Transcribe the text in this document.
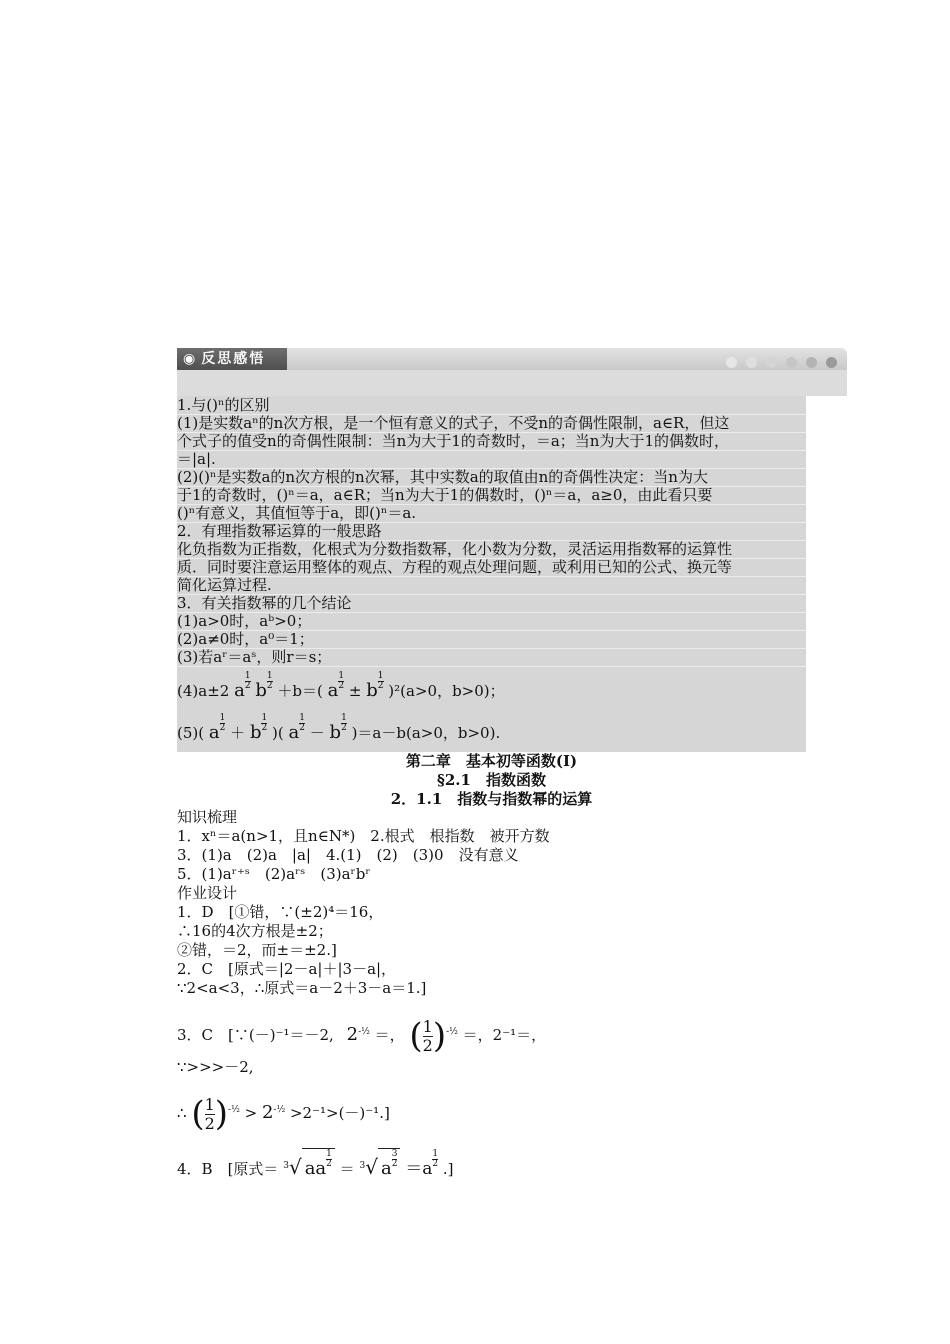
◉ 反思感悟
1.与()ⁿ的区别
(1)是实数aⁿ的n次方根，是一个恒有意义的式子，不受n的奇偶性限制，a∈R，但这
个式子的值受n的奇偶性限制：当n为大于1的奇数时，＝a；当n为大于1的偶数时，
＝|a|.
(2)()ⁿ是实数a的n次方根的n次幂，其中实数a的取值由n的奇偶性决定：当n为大
于1的奇数时，()ⁿ＝a，a∈R；当n为大于1的偶数时，()ⁿ＝a，a≥0，由此看只要
()ⁿ有意义，其值恒等于a，即()ⁿ＝a.
2．有理指数幂运算的一般思路
化负指数为正指数，化根式为分数指数幂，化小数为分数，灵活运用指数幂的运算性
质．同时要注意运用整体的观点、方程的观点处理问题，或利用已知的公式、换元等
简化运算过程.
3．有关指数幂的几个结论
(1)a>0时，aᵇ>0；
(2)a≠0时，a⁰＝1；
(3)若aʳ＝aˢ，则r＝s；
(4)a±2 a $\frac{1}{2}$ b $\frac{1}{2} +b=$( a $\frac{1}{2} \pm b \frac{1}{2} )^2(a>0$，b>0)；
(5)( a $\frac{1}{2} + b \frac{1}{2}$ )( a $\frac{1}{2} - b \frac{1}{2} )=a-b(a>0$，b>0).
第二章　基本初等函数(Ⅰ)
§2.1　指数函数
2．1.1　指数与指数幂的运算
知识梳理
1．xⁿ＝a(n>1，且n∈N*)　2.根式　根指数　被开方数
3．(1)a　(2)a　|a|　4.(1)　(2)　(3)0　没有意义
5．(1)aʳ⁺ˢ　(2)aʳˢ　(3)aʳbʳ
作业设计
1．D　[①错，∵(±2)⁴＝16，
∴16的4次方根是±2；
②错，＝2，而±＝±2.]
2．C　[原式＝|2－a|＋|3－a|，
∵2<a<3，∴原式＝a－2＋3－a＝1.]
3．C　[∵(－)⁻¹＝－2, $2^{-\frac{1}{2}}$ ＝， ( $\frac{1}{2} )^{-\frac{1}{2}}$ ＝，2⁻¹＝，
∵>>>－2,
∴ ( $\frac{1}{2} )^{-\frac{1}{2}} > 2^{-\frac{1}{2}} >2^{-1}>(-)^{-1}$.]
4．B　[原式＝ $^3$√ aa $\frac{1}{2} = ^3√$ a $\frac{3}{2} =a \frac{1}{2}$ .]
